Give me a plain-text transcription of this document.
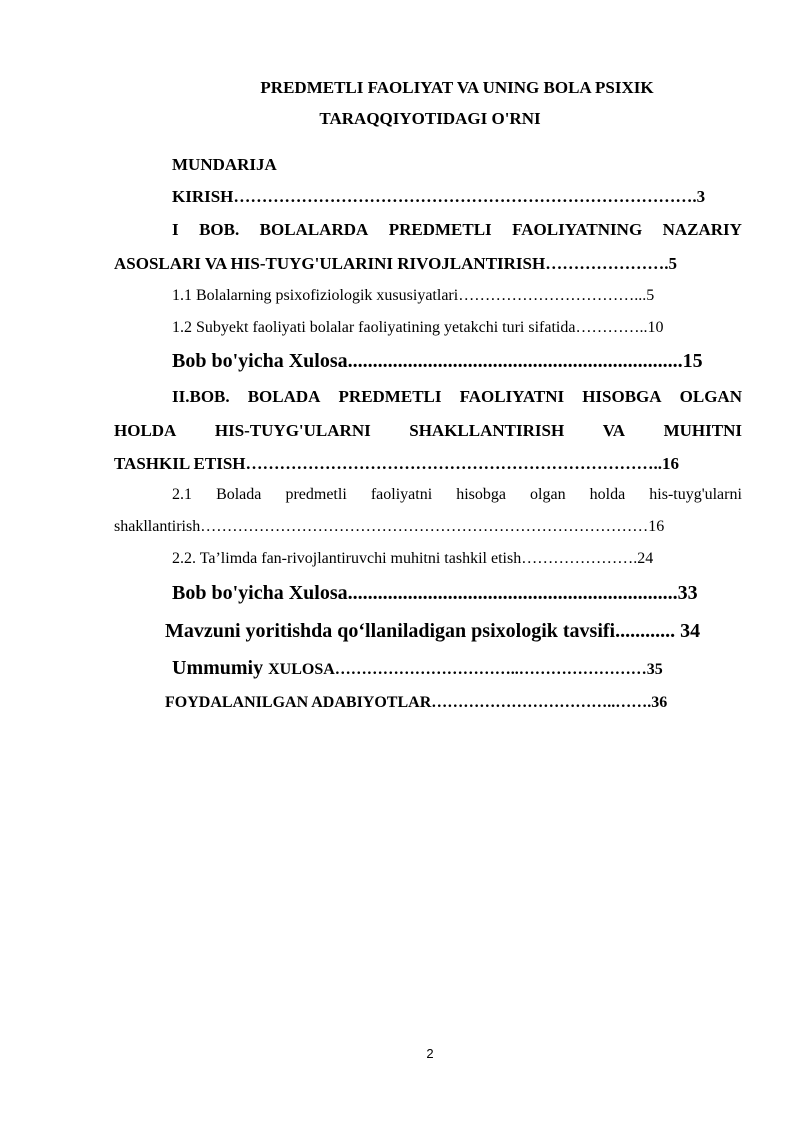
PREDMETLI FAOLIYAT VA UNING BOLA PSIXIK
TARAQQIYOTIDAGI O'RNI
MUNDARIJA
KIRISH……………………………………………………………………….3
I BOB. BOLALARDA PREDMETLI FAOLIYATNING NAZARIY
ASOSLARI VA HIS-TUYG'ULARINI RIVOJLANTIRISH………………….5
1.1 Bolalarning psixofiziologik xususiyatlari……………………………...5
1.2 Subyekt faoliyati bolalar faoliyatining yetakchi turi sifatida…………..10
Bob bo'yicha Xulosa...................................................................15
II.BOB. BOLADA PREDMETLI FAOLIYATNI HISOBGA OLGAN
HOLDA HIS-TUYG'ULARNI SHAKLLANTIRISH VA MUHITNI
TASHKIL ETISH………………………………………………………………..16
2.1 Bolada predmetli faoliyatni hisobga olgan holda his-tuyg'ularni
shakllantirish…………………………………………………………………………16
2.2. Ta’limda fan-rivojlantiruvchi muhitni tashkil etish………………….24
Bob bo'yicha Xulosa..................................................................33
Mavzuni yoritishda qo‘llaniladigan psixologik tavsifi............ 34
Ummumiy XULOSA……………………………..……………………35
FOYDALANILGAN ADABIYOTLAR……………………………..…….36
2
